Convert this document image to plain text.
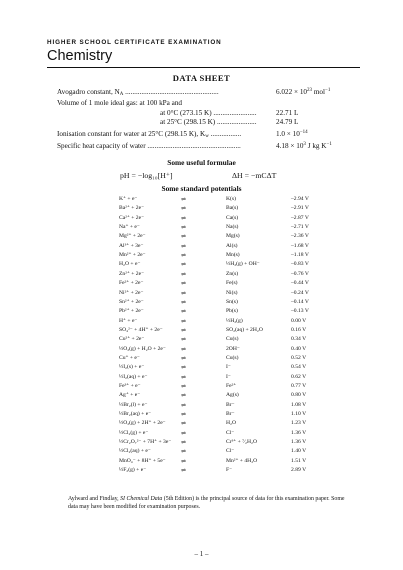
HIGHER SCHOOL CERTIFICATE EXAMINATION
Chemistry
DATA SHEET
Avogadro constant, $N_A$ ....................................................	$6.022 \times 10^{23}$ mol$^{-1}$
Volume of 1 mole ideal gas: at 100 kPa and
at 0°C (273.15 K) ........................	22.71 L
at 25°C (298.15 K) ......................	24.79 L
Ionisation constant for water at 25°C (298.15 K), $K_w$ .................	$1.0 \times 10^{-14}$
Specific heat capacity of water ....................................................	$4.18 \times 10^3$ J kg $K^{-1}$
Some useful formulae
pH = −log₁₀[H⁺]	ΔH = −mCΔT
Some standard potentials
K⁺ + e⁻	⇌	K(s)	–2.94 V
Ba²⁺ + 2e⁻	⇌	Ba(s)	–2.91 V
Ca²⁺ + 2e⁻	⇌	Ca(s)	–2.87 V
Na⁺ + e⁻	⇌	Na(s)	–2.71 V
Mg²⁺ + 2e⁻	⇌	Mg(s)	–2.36 V
Al³⁺ + 3e⁻	⇌	Al(s)	–1.68 V
Mn²⁺ + 2e⁻	⇌	Mn(s)	–1.18 V
H₂O + e⁻	⇌	½H₂(g) + OH⁻	–0.83 V
Zn²⁺ + 2e⁻	⇌	Zn(s)	–0.76 V
Fe²⁺ + 2e⁻	⇌	Fe(s)	–0.44 V
Ni²⁺ + 2e⁻	⇌	Ni(s)	–0.24 V
Sn²⁺ + 2e⁻	⇌	Sn(s)	–0.14 V
Pb²⁺ + 2e⁻	⇌	Pb(s)	–0.13 V
H⁺ + e⁻	⇌	½H₂(g)	0.00 V
SO₄²⁻ + 4H⁺ + 2e⁻	⇌	SO₂(aq) + 2H₂O	0.16 V
Cu²⁺ + 2e⁻	⇌	Cu(s)	0.34 V
½O₂(g) + H₂O + 2e⁻	⇌	2OH⁻	0.40 V
Cu⁺ + e⁻	⇌	Cu(s)	0.52 V
½I₂(s) + e⁻	⇌	I⁻	0.54 V
½I₂(aq) + e⁻	⇌	I⁻	0.62 V
Fe³⁺ + e⁻	⇌	Fe²⁺	0.77 V
Ag⁺ + e⁻	⇌	Ag(s)	0.80 V
½Br₂(l) + e⁻	⇌	Br⁻	1.08 V
½Br₂(aq) + e⁻	⇌	Br⁻	1.10 V
½O₂(g) + 2H⁺ + 2e⁻	⇌	H₂O	1.23 V
½Cl₂(g) + e⁻	⇌	Cl⁻	1.36 V
½Cr₂O₇²⁻ + 7H⁺ + 3e⁻ ⇌	Cr³⁺ + ⁷⁄₂H₂O	1.36 V
½Cl₂(aq) + e⁻	⇌	Cl⁻	1.40 V
MnO₄⁻ + 8H⁺ + 5e⁻	⇌	Mn²⁺ + 4H₂O	1.51 V
½F₂(g) + e⁻	⇌	F⁻	2.89 V
Aylward and Findlay, SI Chemical Data (5th Edition) is the principal source of data for this examination paper. Some data may have been modified for examination purposes.
– 1 –
